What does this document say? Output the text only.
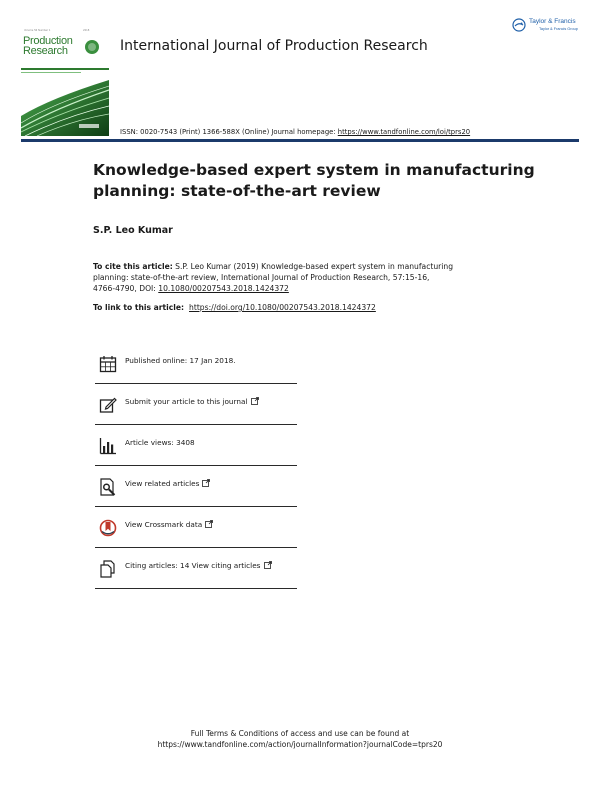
Volume 56 Number 1	2018
Production
Research	International Journal of Production Research
Taylor & Francis
Taylor & Francis Group
ISSN: 0020-7543 (Print) 1366-588X (Online) Journal homepage: https://www.tandfonline.com/loi/tprs20
Knowledge-based expert system in manufacturing
planning: state-of-the-art review
S.P. Leo Kumar
To cite this article: S.P. Leo Kumar (2019) Knowledge-based expert system in manufacturing
planning: state-of-the-art review, International Journal of Production Research, 57:15-16,
4766-4790, DOI: 10.1080/00207543.2018.1424372
To link to this article: https://doi.org/10.1080/00207543.2018.1424372
Published online: 17 Jan 2018.
Submit your article to this journal
Article views: 3408
View related articles
View Crossmark data
Citing articles: 14 View citing articles
Full Terms & Conditions of access and use can be found at
https://www.tandfonline.com/action/journalInformation?journalCode=tprs20
